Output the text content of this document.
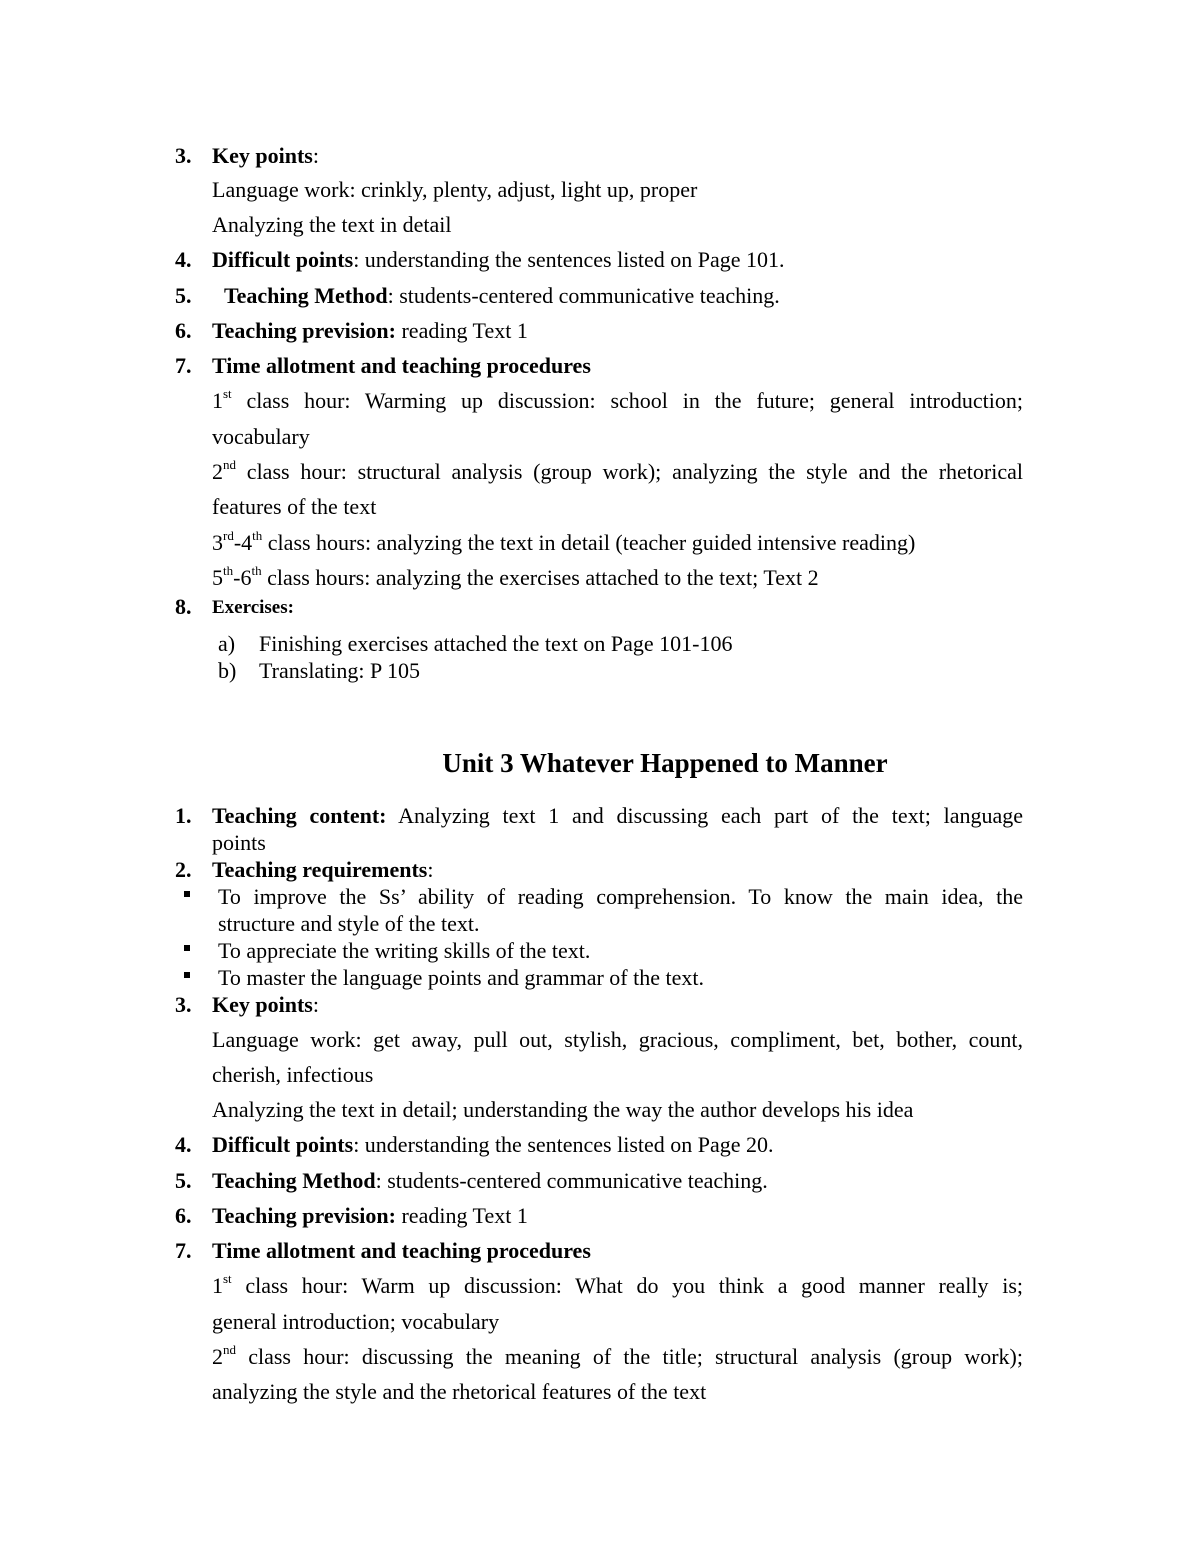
3. Key points:
Language work: crinkly, plenty, adjust, light up, proper
Analyzing the text in detail
4. Difficult points: understanding the sentences listed on Page 101.
5. Teaching Method: students-centered communicative teaching.
6. Teaching prevision: reading Text 1
7. Time allotment and teaching procedures
1st class hour: Warming up discussion: school in the future; general introduction;
vocabulary
2nd class hour: structural analysis (group work); analyzing the style and the rhetorical
features of the text
3rd-4th class hours: analyzing the text in detail (teacher guided intensive reading)
5th-6th class hours: analyzing the exercises attached to the text; Text 2
8. Exercises:
a) Finishing exercises attached the text on Page 101-106
b) Translating: P 105
Unit 3 Whatever Happened to Manner
1. Teaching content: Analyzing text 1 and discussing each part of the text; language
points
2. Teaching requirements:
To improve the Ss’ ability of reading comprehension. To know the main idea, the
structure and style of the text.
To appreciate the writing skills of the text.
To master the language points and grammar of the text.
3. Key points:
Language work: get away, pull out, stylish, gracious, compliment, bet, bother, count,
cherish, infectious
Analyzing the text in detail; understanding the way the author develops his idea
4. Difficult points: understanding the sentences listed on Page 20.
5. Teaching Method: students-centered communicative teaching.
6. Teaching prevision: reading Text 1
7. Time allotment and teaching procedures
1st class hour: Warm up discussion: What do you think a good manner really is;
general introduction; vocabulary
2nd class hour: discussing the meaning of the title; structural analysis (group work);
analyzing the style and the rhetorical features of the text
